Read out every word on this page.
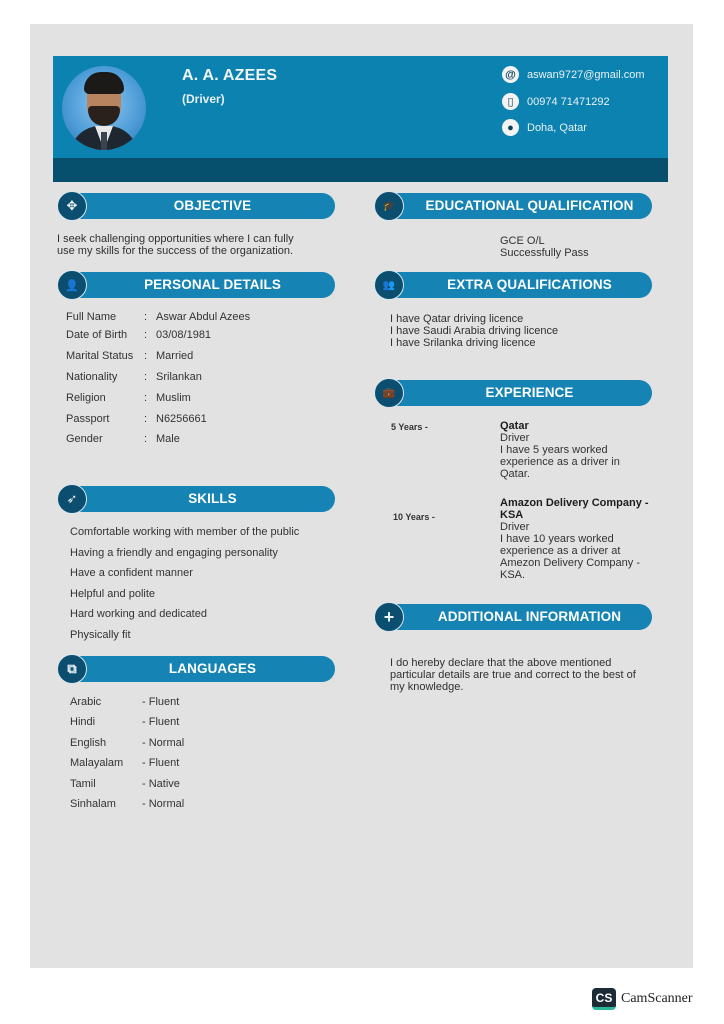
A. A. AZEES
(Driver)
@ aswan9727@gmail.com
▯	00974 71471292
●	Doha, Qatar
✥	OBJECTIVE
I seek challenging opportunities where I can fully
use my skills for the success of the organization.
👤	PERSONAL DETAILS
Full Name	: Aswar Abdul Azees
Date of Birth : 03/08/1981
Marital Status : Married
Nationality : Srilankan
Religion	: Muslim
Passport	: N6256661
Gender	: Male
➶	SKILLS
Comfortable working with member of the public
Having a friendly and engaging personality
Have a confident manner
Helpful and polite
Hard working and dedicated
Physically fit
⧉	LANGUAGES
Arabic	- Fluent
Hindi	- Fluent
English	- Normal
Malayalam - Fluent
Tamil	- Native
Sinhalam - Normal
🎓	EDUCATIONAL QUALIFICATION
GCE O/L
Successfully Pass
👥	EXTRA QUALIFICATIONS
I have Qatar driving licence
I have Saudi Arabia driving licence
I have Srilanka driving licence
💼	EXPERIENCE
5 Years -	Qatar
Driver
I have 5 years worked
experience as a driver in
Qatar.
10 Years -
Amazon Delivery Company -
KSA
Driver
I have 10 years worked
experience as a driver at
Amezon Delivery Company -
KSA.
+	ADDITIONAL INFORMATION
I do hereby declare that the above mentioned
particular details are true and correct to the best of
my knowledge.
CS CamScanner
